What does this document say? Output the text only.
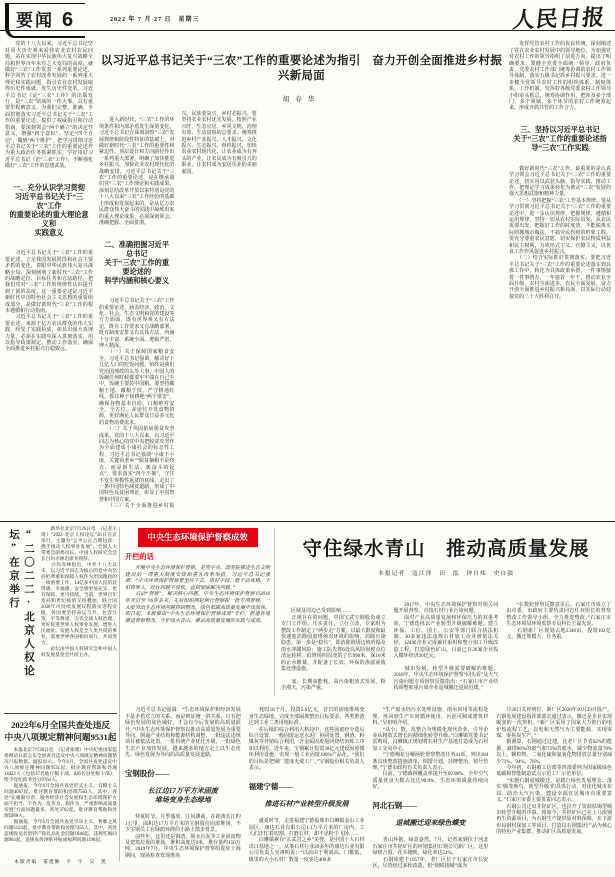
要闻 6	2022 年 7 月 27 日　星期三	人民日报

　　党的十八大以来，习近平总书记坚持用大历史观来看待农业农村农民问题，站在实现中华民族伟大复兴战略全局和世界百年未有之大变局的高度，就做好“三农”工作发表一系列重要论述，科学回答了农村改革发展的一系列重大理论和实践问题，指引农业农村发展取得历史性成就、发生历史性变革。习近平总书记《论“三农”工作》的出版发行，是“三农”领域的一件大事，具有重要里程碑意义，为我们完整、准确、全面贯彻落实习近平总书记关于“三农”工作的重要论述，提供了权威指引和行动指南。要深刻领会“两个确立”的决定性意义，增强“四个意识”、坚定“四个自信”、做到“两个维护”，把学习贯彻习近平总书记关于“三农”工作的重要论述作为重大政治任务抓紧抓实，学好用好习近平总书记《论“三农”工作》，不断强化做好“三农”工作的思想武装。

一、充分认识学习贯彻
习近平总书记关于“三农”工作
的重要论述的重大理论意义和
实践意义

　　习近平总书记关于“三农”工作的重要论述，立足我国发展阶段和社会主要矛盾的变化，着眼中华民族伟大复兴战略全局，深刻阐明了新时代“三农”工作的战略定位、目标任务和方法路径，把我们党对“三农”工作的规律性认识提升到了新的高度。这一重要论述是习近平新时代中国特色社会主义思想的重要组成部分，是做好新时代“三农”工作的根本遵循和行动指南。
　　习近平总书记关于“三农”工作的重要论述，来源于亿万农民群众的伟大实践，经受了实践检验，彰显出强大真理力量，必须在实践中深入贯彻落实，用以指导政策制定、推动工作落实，确保全面推进乡村振兴行稳致远。

以习近平总书记关于“三农”工作的重要论述为指引　奋力开创全面推进乡村振兴新局面
胡春华

　　进入新时代，“三农”工作的环境条件和内部矛盾发生深刻变化。习近平总书记在深刻洞察“三农”发展规律和阶段性特征的基础上，对做好新时代“三农”工作的重要性和紧迫性、顶层设计和方向路径作出一系列重大部署，明确了加快推进乡村振兴、加快农业农村现代化的战略安排。习近平总书记关于“三农”工作的重要论述，是在继承我们党“三农”工作理论和实践成果、深刻总结改革开放以来特别是党的十八大以来“三农”工作经验的基础上形成和发展起来的，是从亿万农民群众伟大奋斗的实践中凝练出来的重大理论成果，必须深刻领会、准确把握、全面贯彻。

二、准确把握习近平总书记
关于“三农”工作的重要论述的
科学内涵和核心要义

　　习近平总书记关于“三农”工作的重要论述，涵盖经济、政治、文化、社会、生态文明和党的建设等方方面面，既有世界观又有方法论，既有工作要求又有战略部署，既有制度安排又有具体方法，内涵十分丰富，系统全面、逻辑严密、博大精深。
　　（一）关于保障国家粮食安全。习近平总书记强调，解决好十几亿人口的吃饭问题，始终是我们党治国理政的头等大事，中国人的饭碗任何时候都要牢牢端在自己手中，饭碗主要装中国粮。要坚持藏粮于地、藏粮于技，严守耕地红线，抓住种子和耕地“两个要害”，确保谷物基本自给、口粮绝对安全，全方位、多途径开发食物资源，更好满足人民群众日益多元化的食物消费需求。
　　（二）关于巩固拓展脱贫攻坚成果。党的十八大以来，以习近平同志为核心的党中央把脱贫攻坚作为全面建成小康社会的标志性工程，习近平总书记强调“小康不小康，关键看老乡”“脱贫摘帽不是终点，而是新生活、新奋斗的起点”，要求落实“四个不摘”，守住不发生规模性返贫的底线，走出了一条中国特色减贫道路，形成了中国特色反贫困理论，彰显了中国智慧和中国方案。
　　（三）关于全面推进乡村振兴。民族要复兴，乡村必振兴。要坚持农业农村优先发展，按照产业兴旺、生态宜居、乡风文明、治理有效、生活富裕的总要求，统筹推进乡村产业振兴、人才振兴、文化振兴、生态振兴、组织振兴，加快农业农村现代化，让农业成为有奔头的产业，让农民成为有吸引力的职业，让农村成为安居乐业的美丽家园。

　　发挥党管农村工作的优良传统，深刻阐述了党在农业农村发展中的领导地位，为加强党对农村工作的领导指明了前进方向，提出了明确要求。要健全党委全面统一领导、政府负责、党委农村工作部门统筹协调的农村工作领导体制，落实五级书记抓乡村振兴要求，进一步健全党领导农村工作的组织体系、制度体系、工作机制，发挥好各级党委农村工作领导小组牵头抓总、统筹协调作用，把涉及多个部门、多个领域、多个环节的农村工作统筹起来，形成齐抓共管的工作合力。

三、坚持以习近平总书记
关于“三农”工作的重要论述指
导“三农”工作实践

　　做好新时代“三农”工作，最重要的是认真学习领会习近平总书记关于“三农”工作的重要论述，切实用以武装头脑、指导实践、推动工作，把理论学习成果转化为推动“三农”发展的强大思想武器和精神力量。
　　（一）坚持把握“三农”工作基本规律。要从学习贯彻习近平总书记关于“三农”工作的重要论述中，进一步认识规律、把握规律、遵循和运用规律，坚持一切从农村实际出发、从农民需要出发，把握好工作的时度效，不能脱离实际照搬城市做法，不搞劳民伤财的形象工程，要充分尊重农民意愿，切实保护农民物质利益和民主权利，力戒形式主义、官僚主义，以优良工作作风促进乡村振兴。
　　（二）结合实际抓好贯彻落实。要把习近平总书记关于“三农”工作的重要论述落实到具体工作中，转化为具体政策举措，一件事情接着一件事情办，一年接着一年干，推动农业全面升级、农村全面进步、农民全面发展，奋力开创全面推进乡村振兴新局面，以实际行动迎接党的二十大胜利召开。

“二〇二二·北京人权论坛”在京举行	　　新华社北京7月26日电　（记者王琦）“2022·北京人权论坛”26日在京举行，主题为“公平公正合理包容：携手推动人权事业发展”。全国人大常委会副委员长、中国人权研究会会长白玛赤林出席并致辞。
　　白玛赤林指出，中共十八大以来，以习近平同志为核心的党中央坚持把尊重和保障人权作为治国理政的一项重要工作，14亿多中国人民的获得感、幸福感、安全感更加充实、更有保障、更可持续。当前，世界百年变局和世纪疫情交织叠加，联合国2030年可持续发展议程落实进程受阻，各国要坚持命运与共、包容互鉴、平等尊重，完善全球人权治理，更好促进世界人权事业发展，增进人民福祉。发展人权是全人类共同的事业，需要世界各国相向而行、共同努力。
　　论坛由中国人权研究会和中国人权发展基金会共同主办。
2022年6月全国共查处违反
中央八项规定精神问题9531起
　　本报北京7月26日电　（记者张璁）中央纪委国家监委网站日前公布全国查处违反中央八项规定精神问题情况月报数据。通报显示，今年6月，全国共查处违反中央八项规定精神问题9531起，批评教育帮助和处理14422人（包括37名地厅级干部、826名县处级干部），给予党纪政务处分9764人。
　　据通报，今年6月全国共查处形式主义、官僚主义问题4667起，批评教育帮助和处理7563人。其中，查处“在履职尽责、服务经济社会发展和生态环境保护方面不担当、不作为、乱作为、假作为，严重影响高质量发展”方面问题最多，查处3702起，批评教育帮助和处理5988人。
　　据通报，今年6月全国共查处享乐主义、奢靡之风问题5124起，批评教育帮助和处理7355人。其中，查处违规收送名贵特产和礼品礼金问题1846起，违规吃喝问题964起，违规发放津贴补贴或福利问题1190起。
本版责编：董建勤　平　宇　吴　凯
中央生态环境保护督察成效
开栏的话
　　开展中央生态环境保护督察，是党中央、国务院推进生态文明建设的一项重大制度安排和重大改革举措。习近平总书记强调：“中央环境保护督察要坚持下去，用好手段，敢于动真格，不怕得罪人，咬住问题不放松，直到彻底解决问题。”
　　启动“督察”，解决核心问题。中央生态环境保护督察自2016年开启至今6年多来，先后组织两轮例行督察和一批专项督察，一大批突出生态环境问题得到整改，绿色低碳高质量发展步伐加快。即日起，本报推出“中央生态环境保护督察成效”专栏，报道各地推进督察整改、守护绿水青山、推动高质量发展的实践与成效。
守住绿水青山　推动高质量发展
本报记者　寇江泽　田　泓　钟自炜　史自强

　　区域及周边已受到影响……
　　正视存在的问题，中国宝武宝钢股份成立专门工作组，压实责任，立行立改，专家组为整改工作制定了“两步走”方案，以最大限度和最快速度消除固废堆场对环境的影响，消除污染隐患。第一步是“稳住”，即消除堆场边坡坍塌及雨水冲刷风险：施工队先将6处高风险固废点位清运转移，沿堆场四周浇筑了长990米、深16米的止水帷幕，并配备了长效、环保的渗滤液收集处理设施。

　　家，长期高能耗，高污染粗放式发展，粉尘漫天，污染严重。
　　2017年，中央生态环境保护督察对相关问题开展督察，直指石材行业污染问题。
　　面对产业高质量发展和环保压力的双重考验，宁德选择以产业转型升级破解难题。建立环保、工信、国土、公安等部门联合执法机制，30多家违法违规石材加工企业被依法关停，124家企业完成兼并重组和整合加工升级改造工程，打造绿色矿山，目前已有26家企业投入循环经济20亿元。

　　城市发展，转型升级需要破解的难题。2018年，中央生态环境保护督察“回头看”及大气污染问题专项督察反馈指出：“石家庄市产业结构调整和重污染企业退城搬迁进展迟缓。”
　　“在数轮督察反馈意见后，石家庄市成立了由市委、市政府主要负责同志任双组长的督察整改工作领导小组，全力推进整改。”石家庄市生态环境局环境监察专员科长王磊先说。
　　石钢新厂区规划占地2348亩，投资102亿元，搬迁规模大，任务重。

　　习近平总书记强调：“生态环境保护和经济发展不是矛盾对立的关系，而是辩证统一的关系。只有把绿色发展的底色铺好，才会有今后发展的高质量跃升。”中央生态环境保护督察以推动高质量发展为重要导向，倒逼产业结构和能源结构调整，一批违法违规项目被依法处置，一批传统产业优化升级，一批绿色生态产业加快发展，越来越多的地方走上以生态优先、绿色发展为导向的高质量发展道路。

宝钢股份——

长江边17万平方米固废
堆场变身生态绿地

　　仲夏时节，月季盛放，江风拂面。在距离长江约1公里、面积达17万平方米的宝钢股份固废堆场，不少宝钢员工在绿荫环绕的小路上散步赏景。
　　前些年，这里还是钢渣、脱水污泥等工业固废物及建筑垃圾的堆场，堆积高度达9米，堆存量约150万吨。2019年7月，中央生态环境保护督察组进驻上海期间，现场检查发现堆场

　　耗时18个月，投资5.6亿元，昔日的固废堆场变身生态绿地，完成全部隔离整治目标要求，各类堆渣达到工业二类用地标准。
　　在后续的综合利用大格局中，这些固废经分选后综合处置：一般固废运送水泥厂协同处置，钢渣、粉煤灰等外销综合利用，含金属固废返回烧结冶炼工序加以利用。近年来，宝钢累计投资30亿元建设固废循环利用设施，实现一般工业固废100%产品化。“我们的目标是把钢厂建成无废工厂。”宝钢股份相关负责人表示。

福建宁德——

推进石材产业转型升级发展

　　盛夏时节，走进福建宁德福鼎市白琳镇金山工业园区，康达石业有限公司1.1万平方米的厂房内，工人们正忙着切割、打磨石材，却不见粉尘飞扬……
　　白琳镇素有“玄武岩之乡”美誉，是中国十大石材出口基地之一。从事石材行业20多年的康达石业有限公司负责人吴祖明说：“以前由于利润高、门槛低，镇里的大小石材厂数量一度多达400多

　　“生产废水经污水处理设施、雨水回用等流程处理，再回到生产车间循环使用，污泥可制成建筑材料。”吴祖明介绍。
　　“从小、散、乱整合为规模化现代企业，引导企业从粗放式增长向精细化转型升级。”白琳镇党委书记雷鸣说，白琳镇正规划将石材生产基地打造成为石材加工交易中心。
　　“宁德梅花分解两轮督察整改任务41项，列出184条具体整改措施清单，倒排计划，挂牌整治，销号管理。”宁德市政府有关负责人表示。
　　目前，宁德森林覆盖率提升至69.98%，全年空气质量优良天数占比达99.9%，生态环境质量持续向好。

河北石钢——

退城搬迁迎来绿色蝶变

　　青山环抱，绿意盎然。7月，记者来到位于河北石家庄市井陉矿区的河钢集团石钢公司新厂区，这里绿树合围、花木掩映，绿化率达51%。
　　石钢始建于1957年，老厂区位于石家庄市长安区，尽管经过多轮改造，但“钢铁围城”成为

　　月26日关停到位，新厂区2020年10月29日投产。石钢发展建设指挥部部长通过表示，搬迁是企业实现蜕变的一次契机。“新厂区采用了国家大力推行的电炉短流程工艺，以电和天然气为主要能源，实现零煤、零焦炭生产。”
　　据测算，石钢通过迁建，比老厂区节省62%的能源，减排86%的废气和72%的废水，减少物流量70%以上。颗粒物、二氧化硫和氮氧化物排放总量分别减少71%、94%、76%。
　　今年初，石钢被工信部等四部委列为国家级绿色低碳和智能制造试点示范工厂示范单位。
　　“实施石钢退城搬迁，是践行绿色发展理念、落实‘腾笼换鸟、转型升级’的具体行动，对优化城市布局、防治大气污染、建设幸福宜居城市有重要意义。”石家庄市委主要负责同志表示。
　　石钢公司迁出井陉矿区，也拉开了资源枯竭型城市转型升级的序幕。现如今，井陉矿区已在上马废钢再生资源项目，为石钢生产提供原材料保障，在下游布局钢材深加工等项目，打造以石钢集团产品为核心的特色产业集群，推动矿区高质量发展。
